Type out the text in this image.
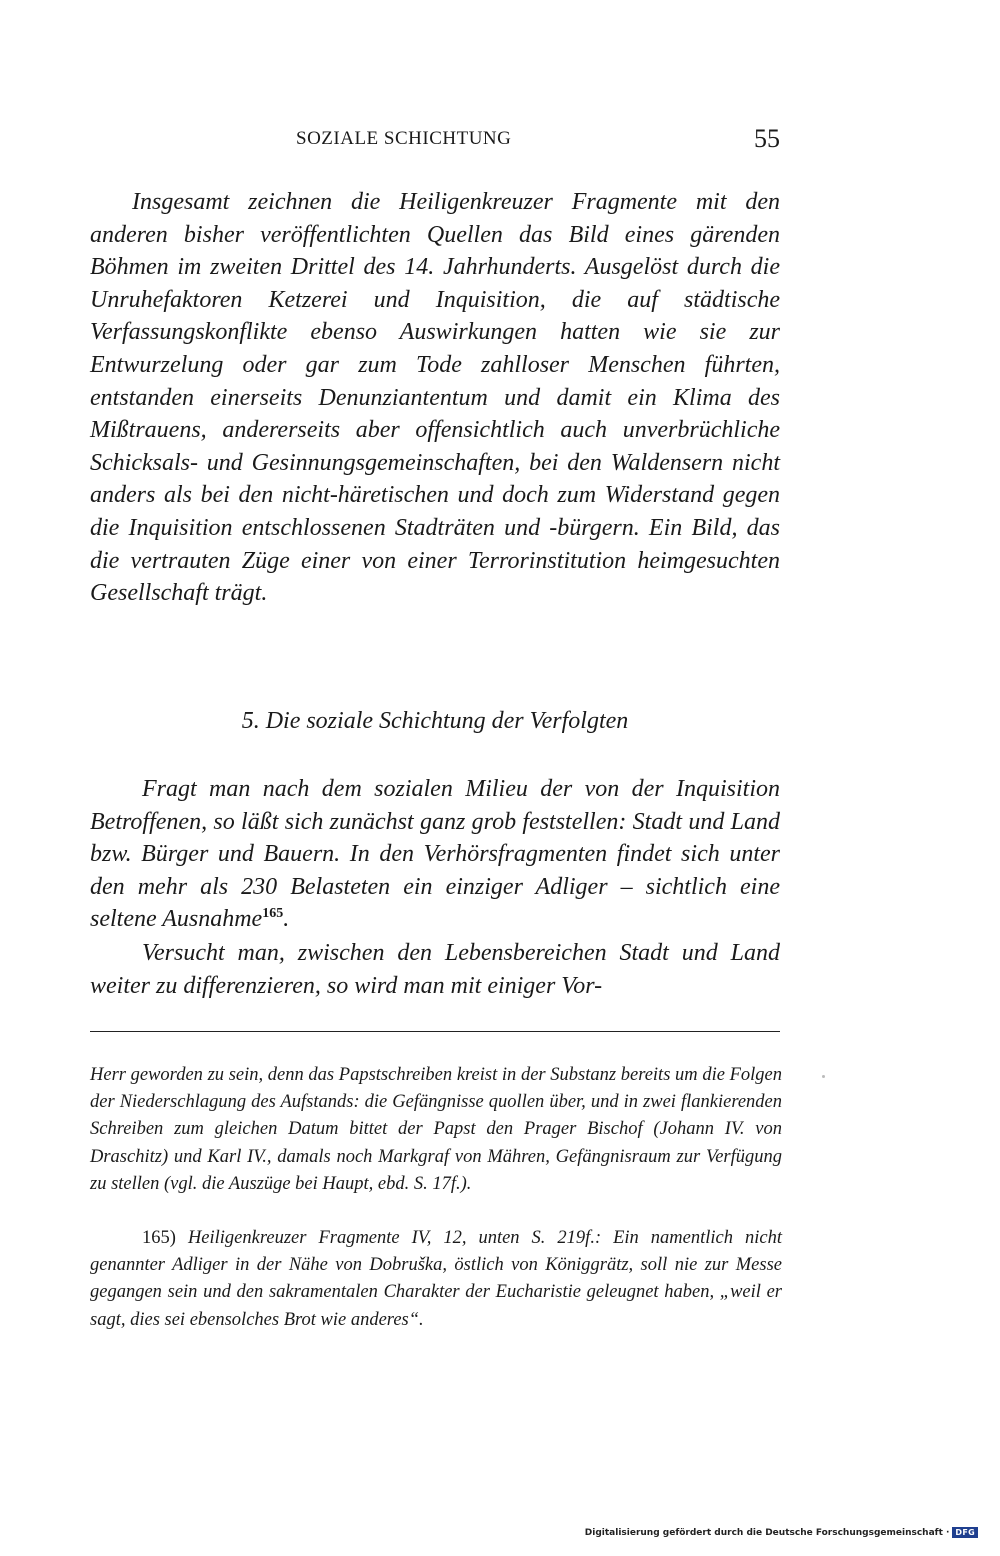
SOZIALE SCHICHTUNG	55

Insgesamt zeichnen die Heiligenkreuzer Fragmente mit den anderen bisher veröffentlichten Quellen das Bild eines gärenden Böhmen im zweiten Drittel des 14. Jahrhunderts. Ausgelöst durch die Unruhefaktoren Ketzerei und Inquisition, die auf städtische Verfassungskonflikte ebenso Auswirkungen hatten wie sie zur Entwurzelung oder gar zum Tode zahlloser Menschen führten, entstanden einerseits Denunziantentum und damit ein Klima des Mißtrauens, andererseits aber offensichtlich auch unverbrüchliche Schicksals- und Gesinnungsgemeinschaften, bei den Waldensern nicht anders als bei den nicht-häretischen und doch zum Widerstand gegen die Inquisition entschlossenen Stadträten und -bürgern. Ein Bild, das die vertrauten Züge einer von einer Terrorinstitution heimgesuchten Gesellschaft trägt.

5. Die soziale Schichtung der Verfolgten

Fragt man nach dem sozialen Milieu der von der Inquisition Betroffenen, so läßt sich zunächst ganz grob feststellen: Stadt und Land bzw. Bürger und Bauern. In den Verhörsfragmenten findet sich unter den mehr als 230 Belasteten ein einziger Adliger – sichtlich eine seltene Ausnahme$^{165}$.

Versucht man, zwischen den Lebensbereichen Stadt und Land weiter zu differenzieren, so wird man mit einiger Vor-

Herr geworden zu sein, denn das Papstschreiben kreist in der Substanz bereits um die Folgen der Niederschlagung des Aufstands: die Gefängnisse quollen über, und in zwei flankierenden Schreiben zum gleichen Datum bittet der Papst den Prager Bischof (Johann IV. von Draschitz) und Karl IV., damals noch Markgraf von Mähren, Gefängnisraum zur Verfügung zu stellen (vgl. die Auszüge bei Haupt, ebd. S. 17f.).

165) Heiligenkreuzer Fragmente IV, 12, unten S. 219f.: Ein namentlich nicht genannter Adliger in der Nähe von Dobruška, östlich von Königgrätz, soll nie zur Messe gegangen sein und den sakramentalen Charakter der Eucharistie geleugnet haben, „weil er sagt, dies sei ebensolches Brot wie anderes“.

Digitalisierung gefördert durch die Deutsche Forschungsgemeinschaft · DFG
